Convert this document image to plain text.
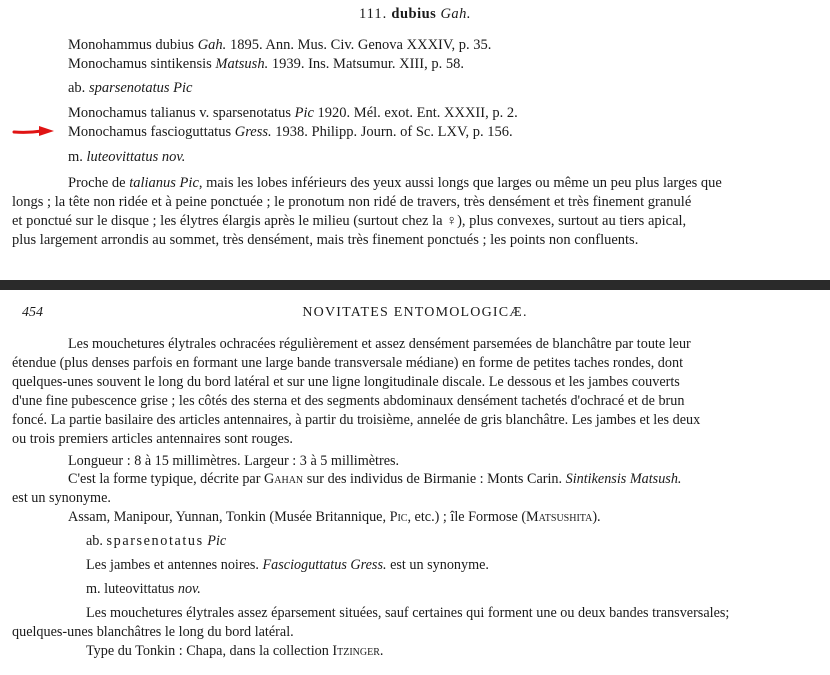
111. dubius Gah.
Monohammus dubius Gah. 1895. Ann. Mus. Civ. Genova XXXIV, p. 35.
Monochamus sintikensis Matsush. 1939. Ins. Matsumur. XIII, p. 58.
ab. sparsenotatus Pic
Monochamus talianus v. sparsenotatus Pic 1920. Mél. exot. Ent. XXXII, p. 2.
Monochamus fascioguttatus Gress. 1938. Philipp. Journ. of Sc. LXV, p. 156.
m. luteovittatus nov.
Proche de talianus Pic, mais les lobes inférieurs des yeux aussi longs que larges ou même un peu plus larges que
longs ; la tête non ridée et à peine ponctuée ; le pronotum non ridé de travers, très densément et très finement granulé
et ponctué sur le disque ; les élytres élargis après le milieu (surtout chez la ♀), plus convexes, surtout au tiers apical,
plus largement arrondis au sommet, très densément, mais très finement ponctués ; les points non confluents.
454	NOVITATES ENTOMOLOGICÆ.
Les mouchetures élytrales ochracées régulièrement et assez densément parsemées de blanchâtre par toute leur
étendue (plus denses parfois en formant une large bande transversale médiane) en forme de petites taches rondes, dont
quelques-unes souvent le long du bord latéral et sur une ligne longitudinale discale. Le dessous et les jambes couverts
d'une fine pubescence grise ; les côtés des sterna et des segments abdominaux densément tachetés d'ochracé et de brun
foncé. La partie basilaire des articles antennaires, à partir du troisième, annelée de gris blanchâtre. Les jambes et les deux
ou trois premiers articles antennaires sont rouges.
Longueur : 8 à 15 millimètres. Largeur : 3 à 5 millimètres.
C'est la forme typique, décrite par Gahan sur des individus de Birmanie : Monts Carin. Sintikensis Matsush.
est un synonyme.
Assam, Manipour, Yunnan, Tonkin (Musée Britannique, Pic, etc.) ; île Formose (Matsushita).
ab. sparsenotatus Pic
Les jambes et antennes noires. Fascioguttatus Gress. est un synonyme.
m. luteovittatus nov.
Les mouchetures élytrales assez éparsement situées, sauf certaines qui forment une ou deux bandes transversales;
quelques-unes blanchâtres le long du bord latéral.
Type du Tonkin : Chapa, dans la collection Itzinger.
